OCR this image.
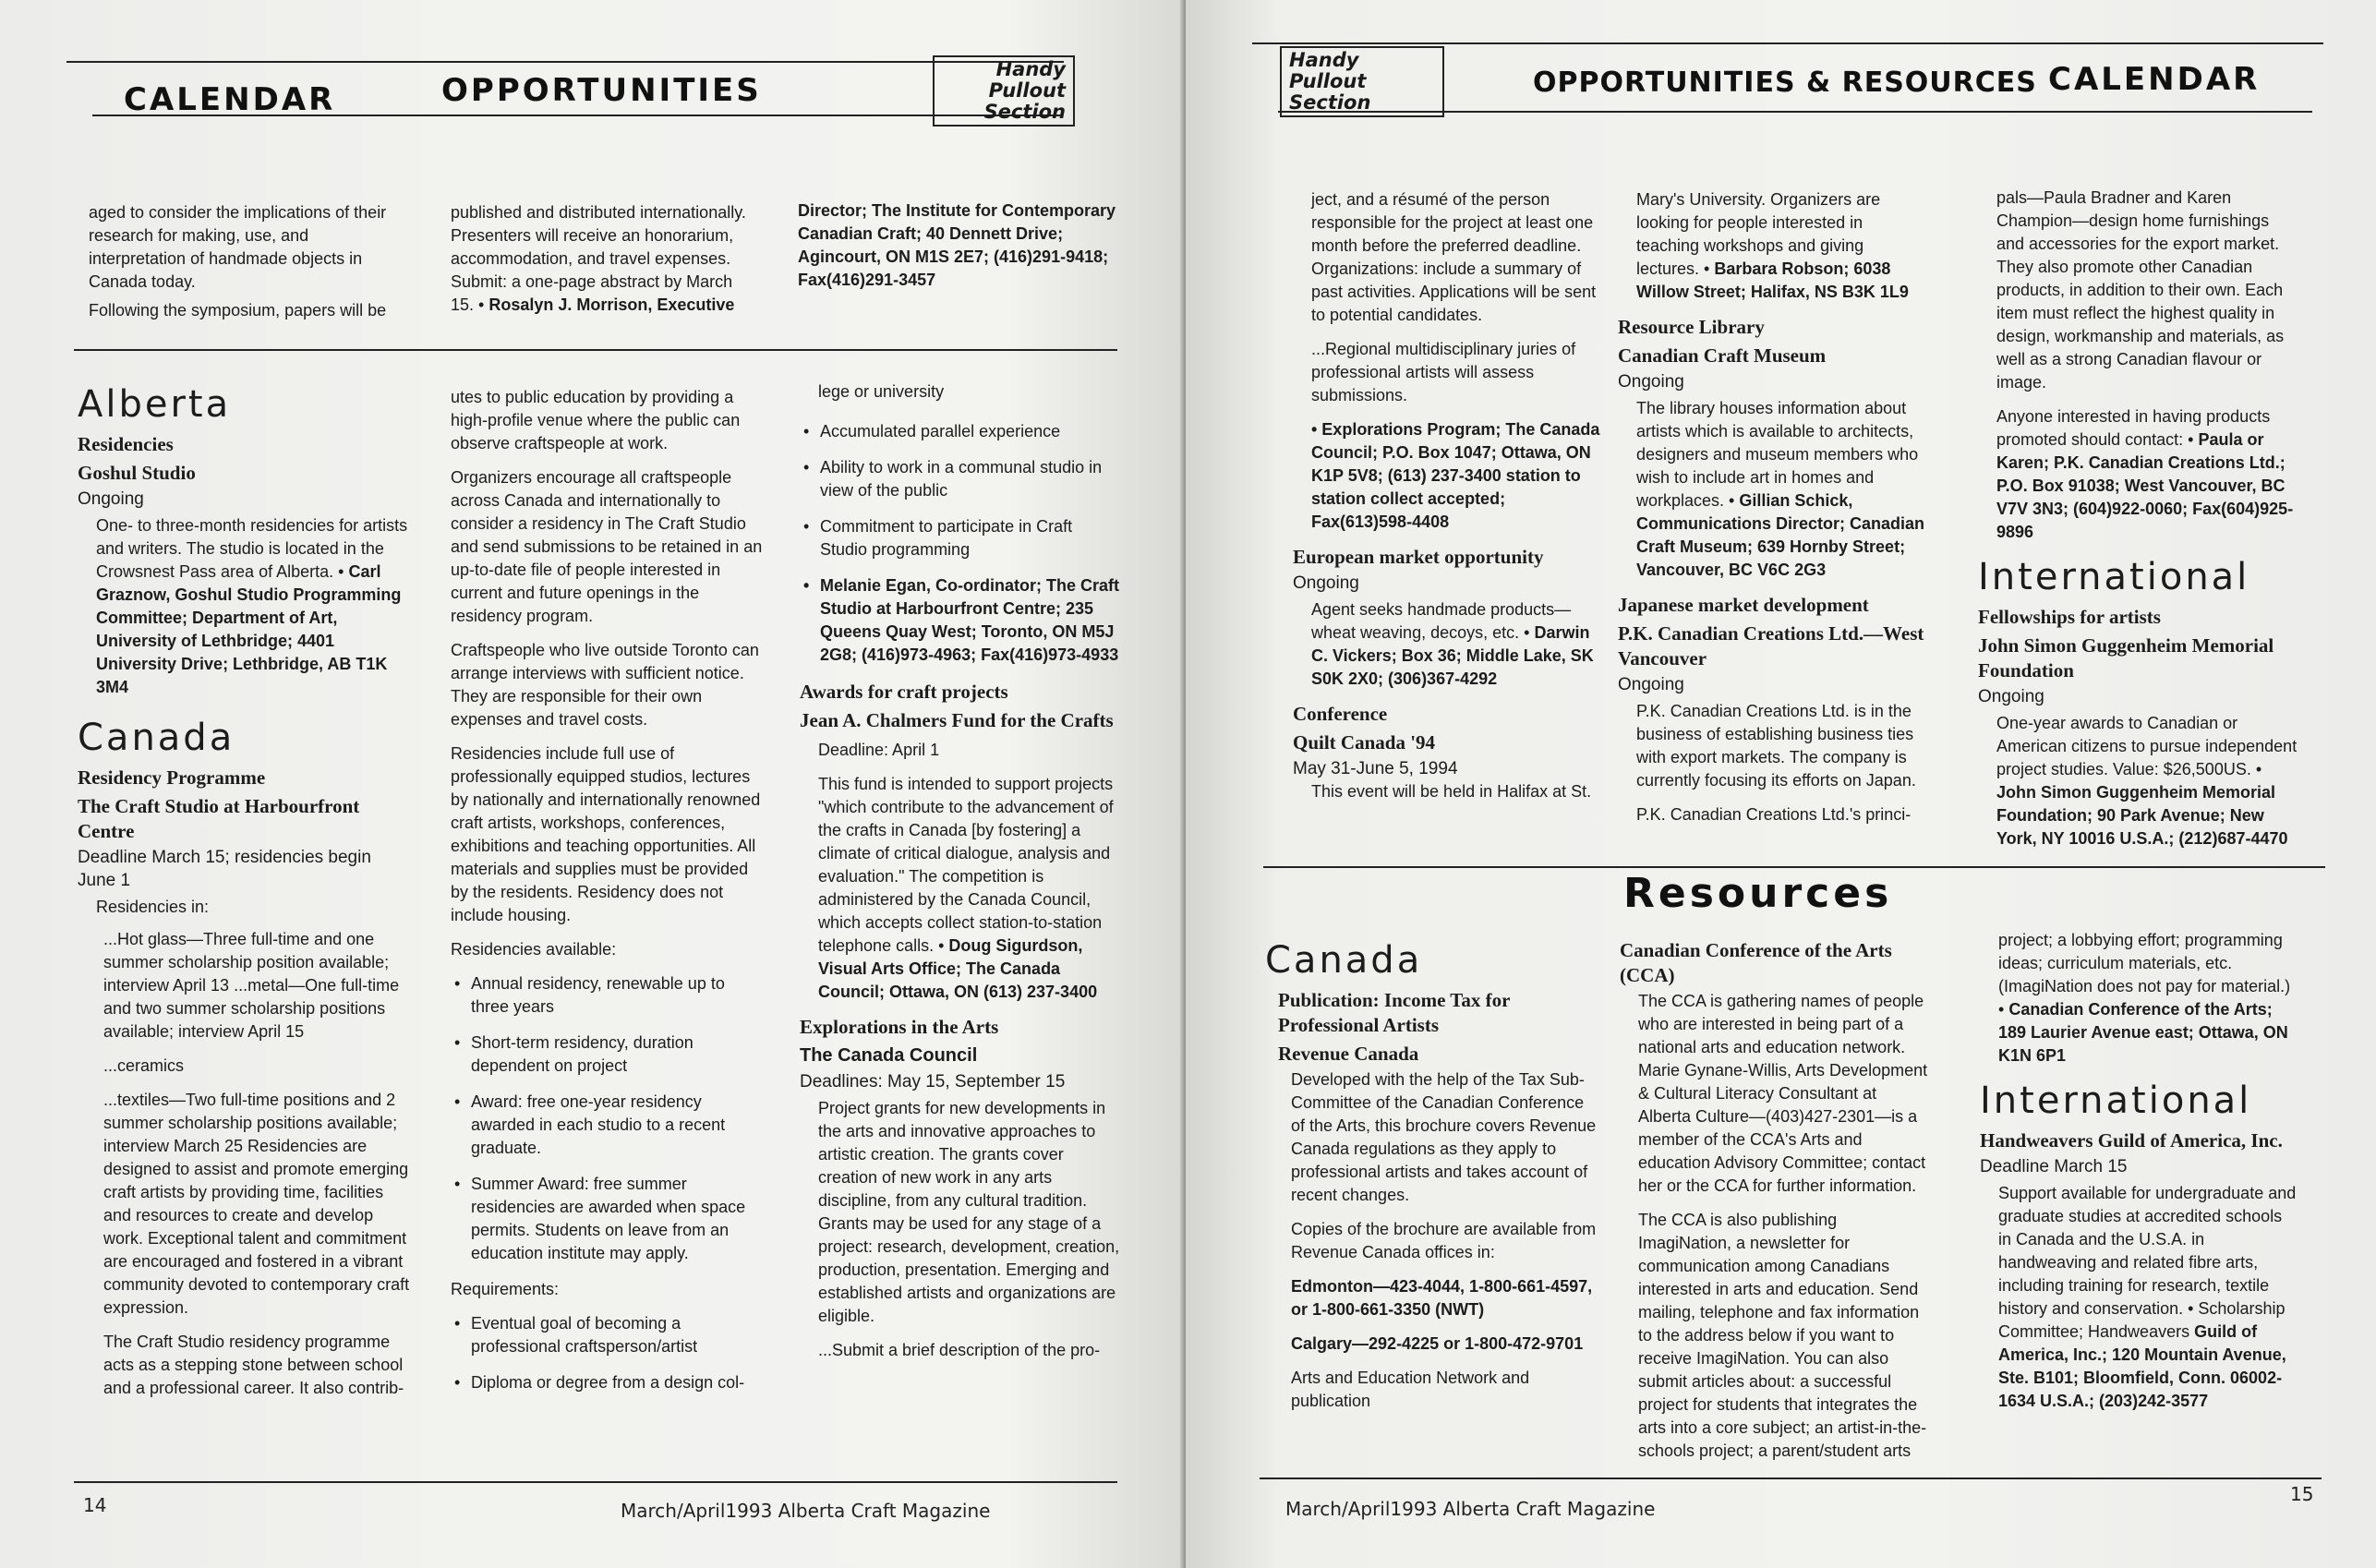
CALENDAR	OPPORTUNITIES
Handy
Pullout
Section

aged to consider the implications of their research for making, use, and interpretation of handmade objects in Canada today.

Following the symposium, papers will be

published and distributed internationally. Presenters will receive an honorarium, accommodation, and travel expenses. Submit: a one-page abstract by March 15. • Rosalyn J. Morrison, Executive
Director; The Institute for Contemporary Canadian Craft; 40 Dennett Drive; Agincourt, ON M1S 2E7; (416)291-9418; Fax(416)291-3457
Alberta
Residencies
Goshul Studio
Ongoing

One- to three-month residencies for artists and writers. The studio is located in the Crowsnest Pass area of Alberta. • Carl Graznow, Goshul Studio Programming Committee; Department of Art, University of Lethbridge; 4401 University Drive; Lethbridge, AB T1K 3M4

Canada
Residency Programme
The Craft Studio at Harbourfront Centre
Deadline March 15; residencies begin June 1

Residencies in:

...Hot glass—Three full-time and one summer scholarship position available; interview April 13 ...metal—One full-time and two summer scholarship positions available; interview April 15

...ceramics

...textiles—Two full-time positions and 2 summer scholarship positions available; interview March 25 Residencies are designed to assist and promote emerging craft artists by providing time, facilities and resources to create and develop work. Exceptional talent and commitment are encouraged and fostered in a vibrant community devoted to contemporary craft expression.

The Craft Studio residency programme acts as a stepping stone between school and a professional career. It also contrib-

utes to public education by providing a high-profile venue where the public can observe craftspeople at work.

Organizers encourage all craftspeople across Canada and internationally to consider a residency in The Craft Studio and send submissions to be retained in an up-to-date file of people interested in current and future openings in the residency program.

Craftspeople who live outside Toronto can arrange interviews with sufficient notice. They are responsible for their own expenses and travel costs.

Residencies include full use of professionally equipped studios, lectures by nationally and internationally renowned craft artists, workshops, conferences, exhibitions and teaching opportunities. All materials and supplies must be provided by the residents. Residency does not include housing.

Residencies available:

• Annual residency, renewable up to three years
• Short-term residency, duration dependent on project
• Award: free one-year residency awarded in each studio to a recent graduate.
• Summer Award: free summer residencies are awarded when space permits. Students on leave from an education institute may apply.

Requirements:

• Eventual goal of becoming a professional craftsperson/artist
• Diploma or degree from a design col-

lege or university

• Accumulated parallel experience
• Ability to work in a communal studio in view of the public
• Commitment to participate in Craft Studio programming
• Melanie Egan, Co-ordinator; The Craft Studio at Harbourfront Centre; 235 Queens Quay West; Toronto, ON M5J 2G8; (416)973-4963; Fax(416)973-4933
Awards for craft projects
Jean A. Chalmers Fund for the Crafts

Deadline: April 1

This fund is intended to support projects "which contribute to the advancement of the crafts in Canada [by fostering] a climate of critical dialogue, analysis and evaluation." The competition is administered by the Canada Council, which accepts collect station-to-station telephone calls. • Doug Sigurdson, Visual Arts Office; The Canada Council; Ottawa, ON (613) 237-3400

Explorations in the Arts
The Canada Council
Deadlines: May 15, September 15

Project grants for new developments in the arts and innovative approaches to artistic creation. The grants cover creation of new work in any arts discipline, from any cultural tradition. Grants may be used for any stage of a project: research, development, creation, production, presentation. Emerging and established artists and organizations are eligible.

...Submit a brief description of the pro-

14	March/April1993 Alberta Craft Magazine
Handy
Pullout
Section
OPPORTUNITIES & RESOURCES CALENDAR

ject, and a résumé of the person responsible for the project at least one month before the preferred deadline. Organizations: include a summary of past activities. Applications will be sent to potential candidates.

...Regional multidisciplinary juries of professional artists will assess submissions.

• Explorations Program; The Canada Council; P.O. Box 1047; Ottawa, ON K1P 5V8; (613) 237-3400 station to station collect accepted; Fax(613)598-4408

European market opportunity
Ongoing

Agent seeks handmade products—wheat weaving, decoys, etc. • Darwin C. Vickers; Box 36; Middle Lake, SK S0K 2X0; (306)367-4292

Conference
Quilt Canada '94
May 31-June 5, 1994

This event will be held in Halifax at St.

Mary's University. Organizers are looking for people interested in teaching workshops and giving lectures. • Barbara Robson; 6038 Willow Street; Halifax, NS B3K 1L9

Resource Library
Canadian Craft Museum
Ongoing

The library houses information about artists which is available to architects, designers and museum members who wish to include art in homes and workplaces. • Gillian Schick, Communications Director; Canadian Craft Museum; 639 Hornby Street; Vancouver, BC V6C 2G3

Japanese market development
P.K. Canadian Creations Ltd.—West Vancouver
Ongoing

P.K. Canadian Creations Ltd. is in the business of establishing business ties with export markets. The company is currently focusing its efforts on Japan.

P.K. Canadian Creations Ltd.'s princi-

pals—Paula Bradner and Karen Champion—design home furnishings and accessories for the export market. They also promote other Canadian products, in addition to their own. Each item must reflect the highest quality in design, workmanship and materials, as well as a strong Canadian flavour or image.

Anyone interested in having products promoted should contact: • Paula or Karen; P.K. Canadian Creations Ltd.; P.O. Box 91038; West Vancouver, BC V7V 3N3; (604)922-0060; Fax(604)925-9896

International
Fellowships for artists
John Simon Guggenheim Memorial Foundation
Ongoing

One-year awards to Canadian or American citizens to pursue independent project studies. Value: $26,500US. • John Simon Guggenheim Memorial Foundation; 90 Park Avenue; New York, NY 10016 U.S.A.; (212)687-4470

Resources
Canada
Publication: Income Tax for Professional Artists
Revenue Canada

Developed with the help of the Tax Sub-Committee of the Canadian Conference of the Arts, this brochure covers Revenue Canada regulations as they apply to professional artists and takes account of recent changes.

Copies of the brochure are available from Revenue Canada offices in:

Edmonton—423-4044, 1-800-661-4597, or 1-800-661-3350 (NWT)

Calgary—292-4225 or 1-800-472-9701

Arts and Education Network and publication

Canadian Conference of the Arts (CCA)

The CCA is gathering names of people who are interested in being part of a national arts and education network. Marie Gynane-Willis, Arts Development & Cultural Literacy Consultant at Alberta Culture—(403)427-2301—is a member of the CCA's Arts and education Advisory Committee; contact her or the CCA for further information.

The CCA is also publishing ImagiNation, a newsletter for communication among Canadians interested in arts and education. Send mailing, telephone and fax information to the address below if you want to receive ImagiNation. You can also submit articles about: a successful project for students that integrates the arts into a core subject; an artist-in-the-schools project; a parent/student arts

project; a lobbying effort; programming ideas; curriculum materials, etc. (ImagiNation does not pay for material.) • Canadian Conference of the Arts; 189 Laurier Avenue east; Ottawa, ON K1N 6P1

International
Handweavers Guild of America, Inc.
Deadline March 15

Support available for undergraduate and graduate studies at accredited schools in Canada and the U.S.A. in handweaving and related fibre arts, including training for research, textile history and conservation. • Scholarship Committee; Handweavers Guild of America, Inc.; 120 Mountain Avenue, Ste. B101; Bloomfield, Conn. 06002-1634 U.S.A.; (203)242-3577

March/April1993 Alberta Craft Magazine
15
